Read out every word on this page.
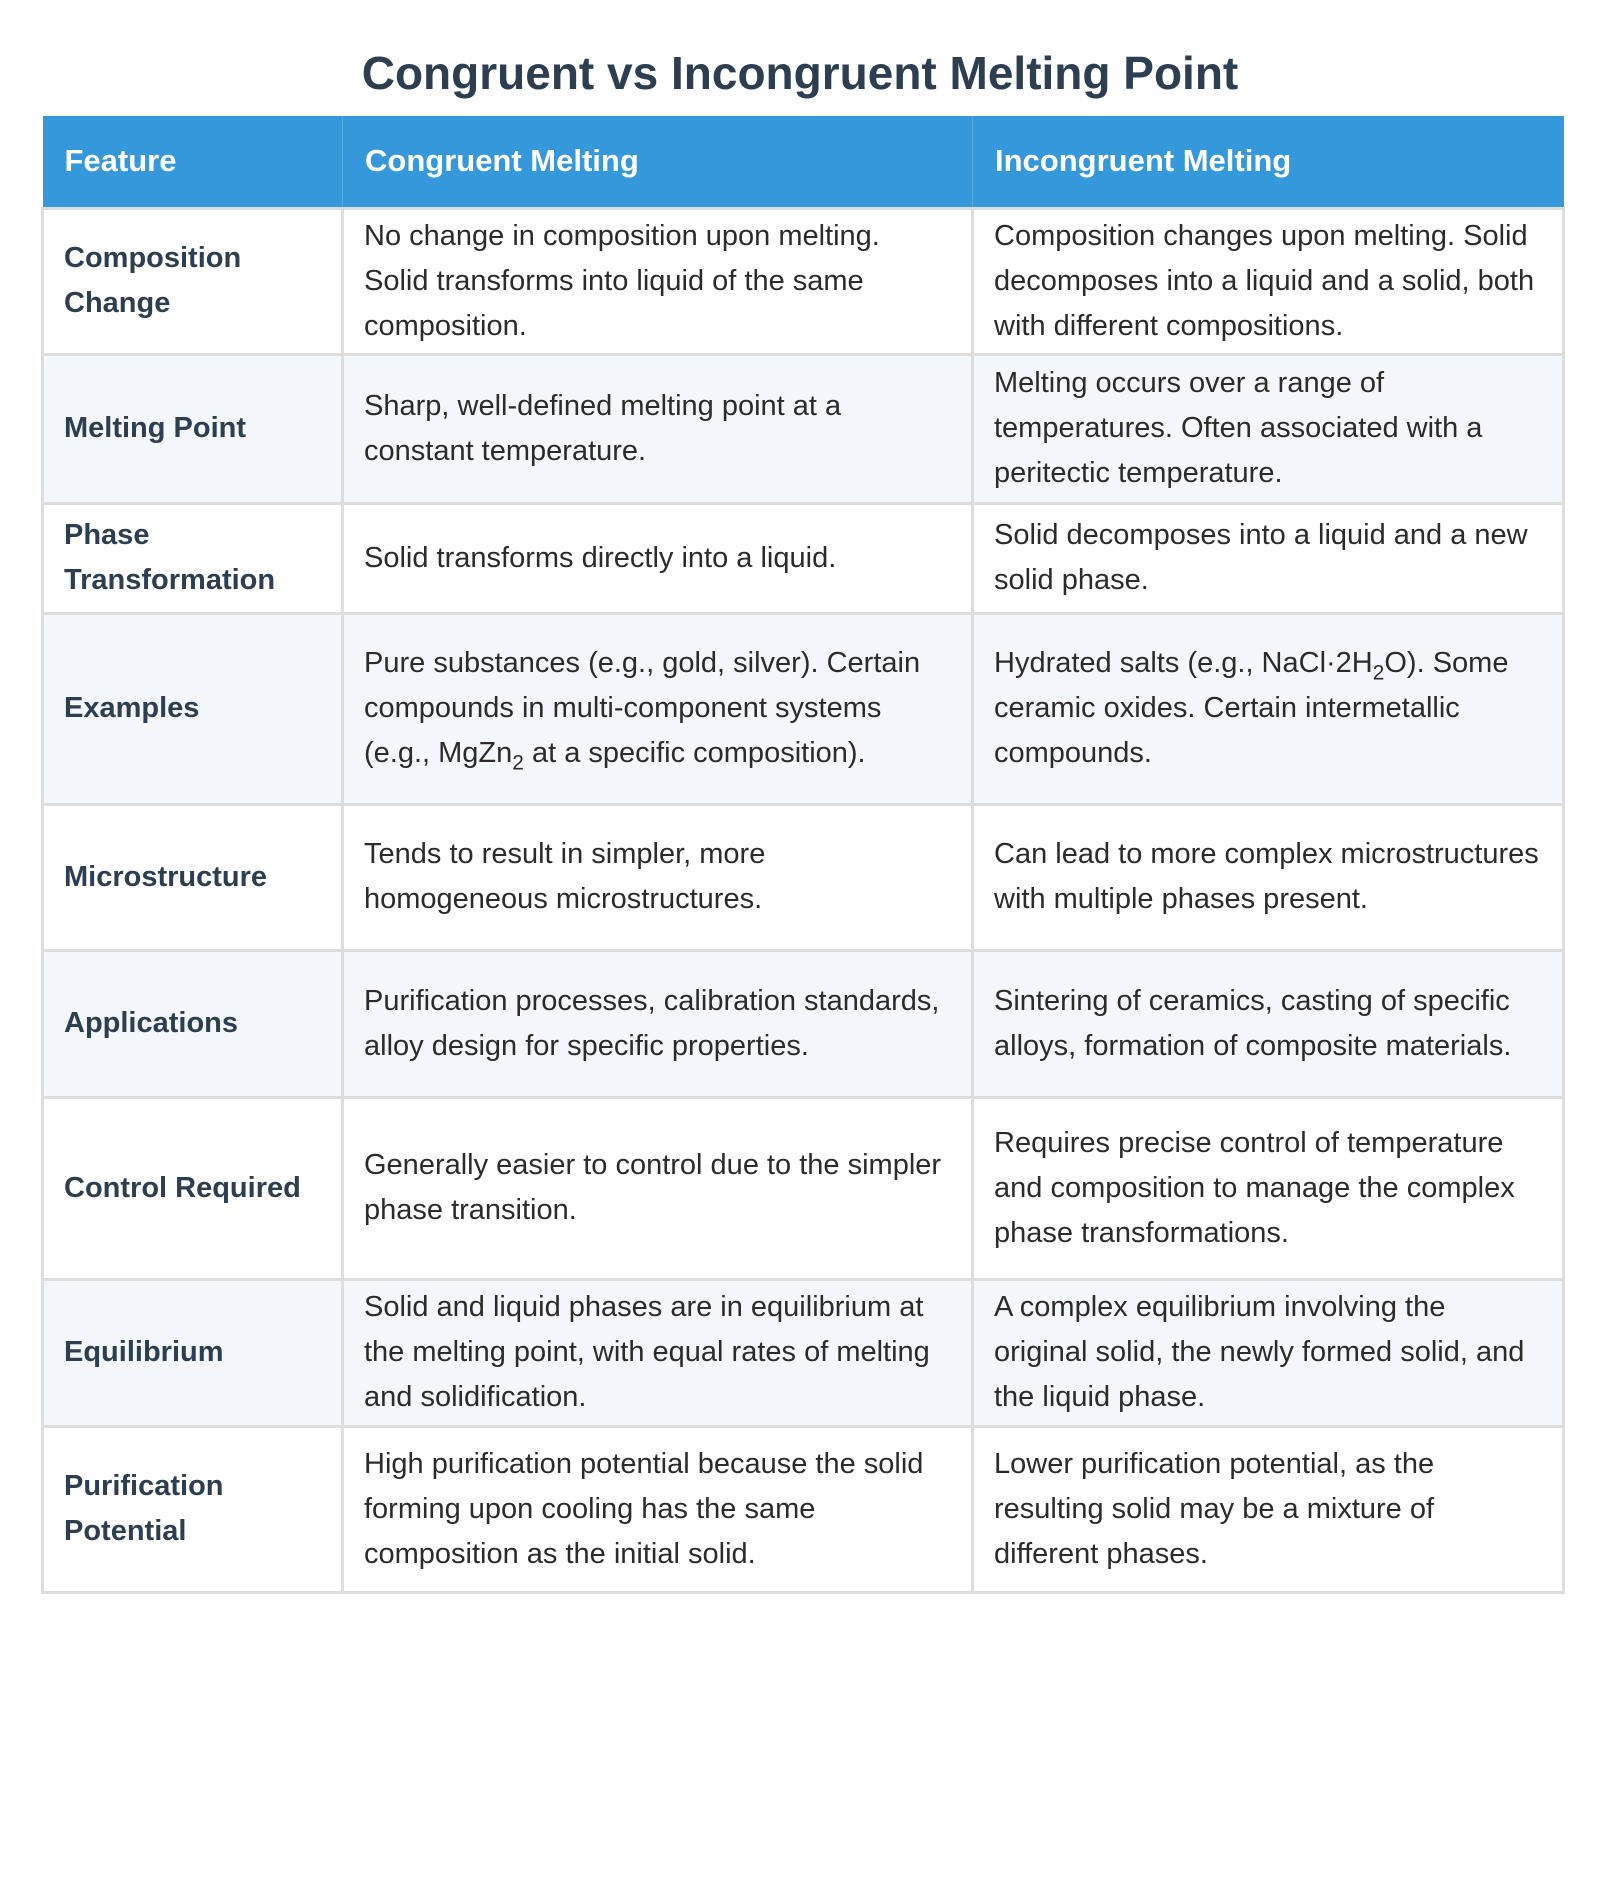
Congruent vs Incongruent Melting Point
Feature	Congruent Melting	Incongruent Melting
Composition Change	No change in composition upon melting. Solid transforms into liquid of the same composition.	Composition changes upon melting. Solid decomposes into a liquid and a solid, both with different compositions.
Melting Point	Sharp, well-defined melting point at a constant temperature.	Melting occurs over a range of temperatures. Often associated with a peritectic temperature.
Phase Transformation	Solid transforms directly into a liquid.	Solid decomposes into a liquid and a new solid phase.
Examples	Pure substances (e.g., gold, silver). Certain compounds in multi-component systems (e.g., MgZn$_2$ at a specific composition).	Hydrated salts (e.g., $NaCl\cdot 2H_2O$). Some ceramic oxides. Certain intermetallic compounds.
Microstructure	Tends to result in simpler, more homogeneous microstructures.	Can lead to more complex microstructures with multiple phases present.
Applications	Purification processes, calibration standards, alloy design for specific properties.	Sintering of ceramics, casting of specific alloys, formation of composite materials.
Control Required	Generally easier to control due to the simpler phase transition.	Requires precise control of temperature and composition to manage the complex phase transformations.
Equilibrium	Solid and liquid phases are in equilibrium at the melting point, with equal rates of melting and solidification.	A complex equilibrium involving the original solid, the newly formed solid, and the liquid phase.
Purification Potential	High purification potential because the solid forming upon cooling has the same composition as the initial solid.	Lower purification potential, as the resulting solid may be a mixture of different phases.
